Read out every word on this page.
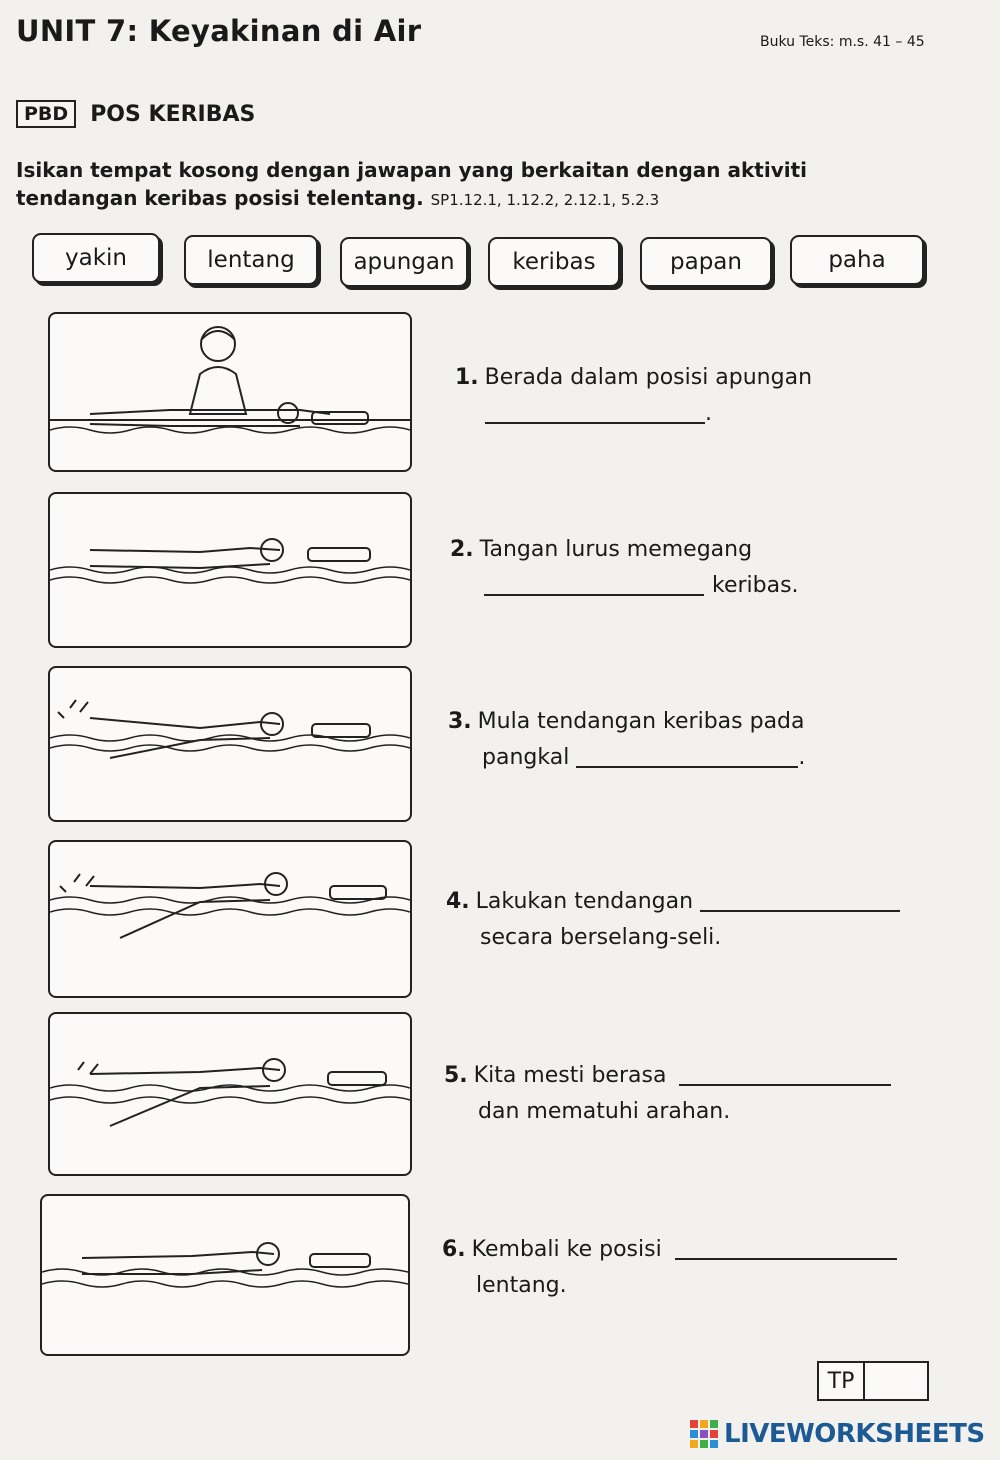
UNIT 7: Keyakinan di Air	Buku Teks: m.s. 41 – 45
PBD	POS KERIBAS
Isikan tempat kosong dengan jawapan yang berkaitan dengan aktiviti tendangan keribas posisi telentang. SP1.12.1, 1.12.2, 2.12.1, 5.2.3
yakin	lentang	apungan	keribas	papan	paha
1. Berada dalam posisi apungan
.
2. Tangan lurus memegang
keribas.
3. Mula tendangan keribas pada
pangkal	.
4. Lakukan tendangan
secara berselang-seli.
5. Kita mesti berasa
dan mematuhi arahan.
6. Kembali ke posisi
lentang.
TP
LIVEWORKSHEETS
